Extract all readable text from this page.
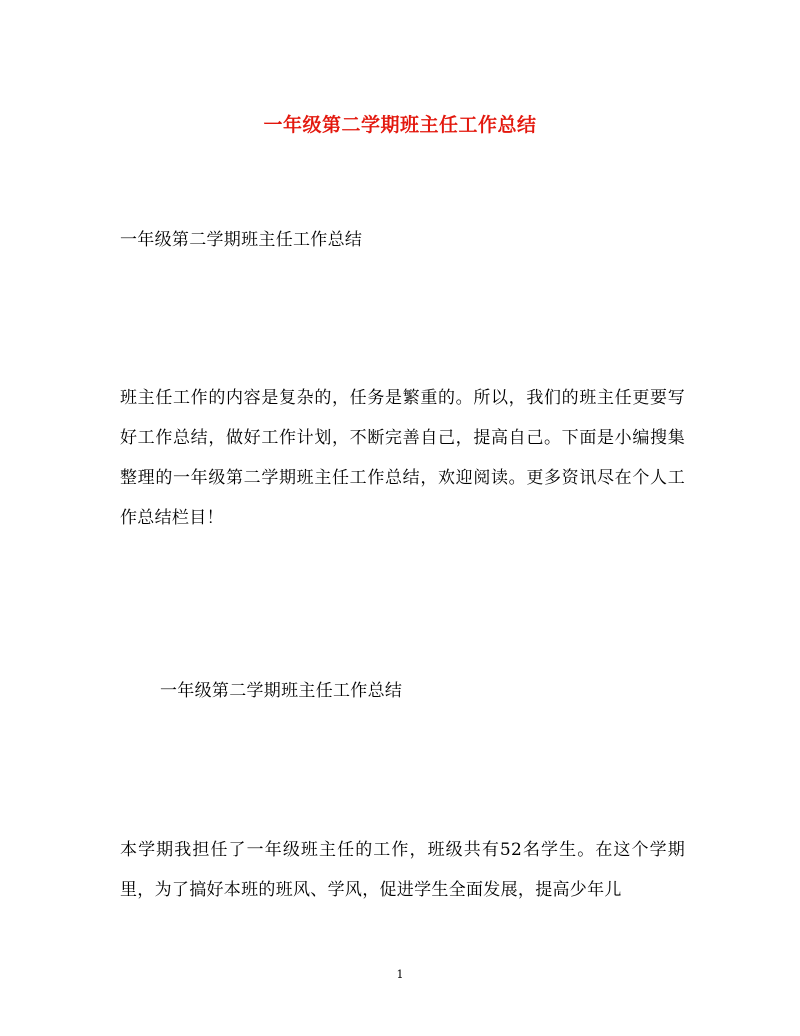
一年级第二学期班主任工作总结
一年级第二学期班主任工作总结
班主任工作的内容是复杂的，任务是繁重的。所以，我们的班主任更要写好工作总结，做好工作计划，不断完善自己，提高自己。下面是小编搜集整理的一年级第二学期班主任工作总结，欢迎阅读。更多资讯尽在个人工作总结栏目！
一年级第二学期班主任工作总结
本学期我担任了一年级班主任的工作，班级共有52名学生。在这个学期里，为了搞好本班的班风、学风，促进学生全面发展，提高少年儿
1
